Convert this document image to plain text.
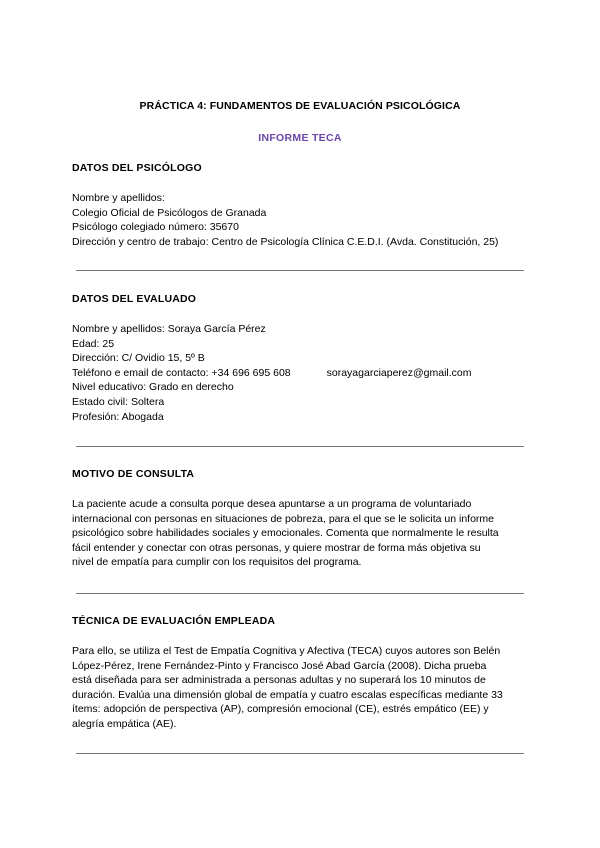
PRÁCTICA 4: FUNDAMENTOS DE EVALUACIÓN PSICOLÓGICA
INFORME TECA
DATOS DEL PSICÓLOGO
Nombre y apellidos:
Colegio Oficial de Psicólogos de Granada
Psicólogo colegiado número: 35670
Dirección y centro de trabajo: Centro de Psicología Clínica C.E.D.I. (Avda. Constitución, 25)
DATOS DEL EVALUADO
Nombre y apellidos: Soraya García Pérez
Edad: 25
Dirección: C/ Ovidio 15, 5º B
Teléfono e email de contacto: +34 696 695 608	sorayagarciaperez@gmail.com
Nivel educativo: Grado en derecho
Estado civil: Soltera
Profesión: Abogada
MOTIVO DE CONSULTA
La paciente acude a consulta porque desea apuntarse a un programa de voluntariado
internacional con personas en situaciones de pobreza, para el que se le solicita un informe
psicológico sobre habilidades sociales y emocionales. Comenta que normalmente le resulta
fácil entender y conectar con otras personas, y quiere mostrar de forma más objetiva su
nivel de empatía para cumplir con los requisitos del programa.
TÉCNICA DE EVALUACIÓN EMPLEADA
Para ello, se utiliza el Test de Empatía Cognitiva y Afectiva (TECA) cuyos autores son Belén
López-Pérez, Irene Fernández-Pinto y Francisco José Abad García (2008). Dicha prueba
está diseñada para ser administrada a personas adultas y no superará los 10 minutos de
duración. Evalúa una dimensión global de empatía y cuatro escalas específicas mediante 33
ítems: adopción de perspectiva (AP), compresión emocional (CE), estrés empático (EE) y
alegría empática (AE).
